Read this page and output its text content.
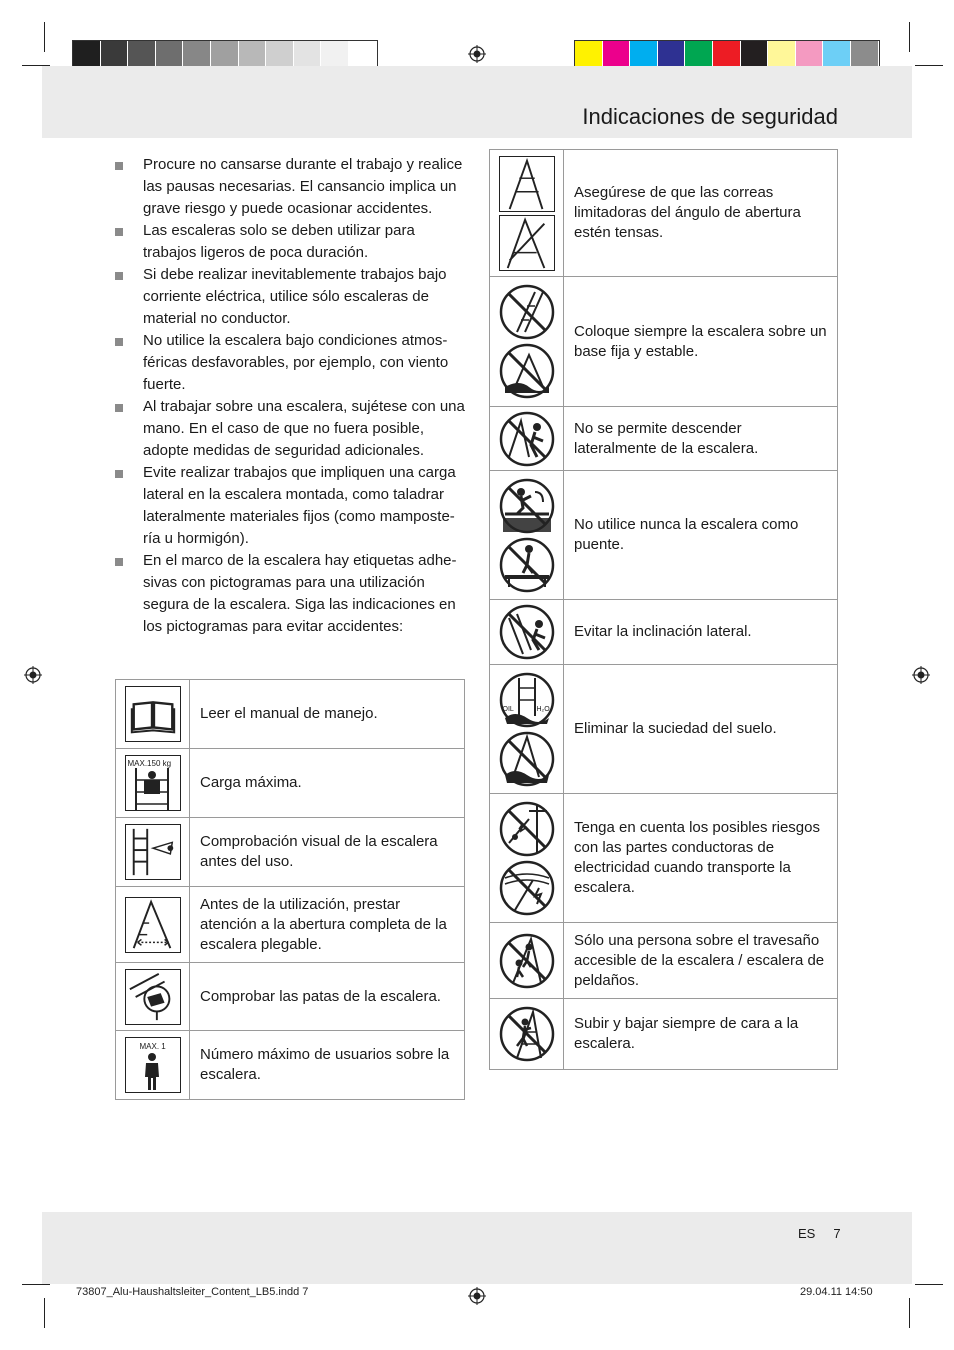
Indicaciones de seguridad
Procure no cansarse durante el trabajo y realice las pausas necesarias. El cansancio implica un grave riesgo y puede ocasionar accidentes.
Las escaleras solo se deben utilizar para trabajos ligeros de poca duración.
Si debe realizar inevitablemente trabajos bajo corriente eléctrica, utilice sólo escaleras de material no conductor.
No utilice la escalera bajo condiciones atmos-féricas desfavorables, por ejemplo, con viento fuerte.
Al trabajar sobre una escalera, sujétese con una mano. En el caso de que no fuera posible, adopte medidas de seguridad adicionales.
Evite realizar trabajos que impliquen una carga lateral en la escalera montada, como taladrar lateralmente materiales fijos (como mamposte-ría u hormigón).
En el marco de la escalera hay etiquetas adhe-sivas con pictogramas para una utilización segura de la escalera. Siga las indicaciones en los pictogramas para evitar accidentes:
	Leer el manual de manejo.

MAX.150 kg	Carga máxima.
	Comprobación visual de la escalera antes del uso.
	Antes de la utilización, prestar atención a la abertura completa de la escalera plegable.
	Comprobar las patas de la escalera.

MAX. 1	Número máximo de usuarios sobre la escalera.
	Asegúrese de que las correas limitadoras del ángulo de abertura estén tensas.

	Coloque siempre la escalera sobre un base fija y estable.

	No se permite descender lateralmente de la escalera.

	No utilice nunca la escalera como puente.

	Evitar la inclinación lateral.

OIL H₂O	Eliminar la suciedad del suelo.

	Tenga en cuenta los posibles riesgos con las partes conductoras de electricidad cuando transporte la escalera.

	Sólo una persona sobre el travesaño accesible de la escalera / escalera de peldaños.

	Subir y bajar siempre de cara a la escalera.
ES 7
73807_Alu-Haushaltsleiter_Content_LB5.indd 7	29.04.11 14:50
